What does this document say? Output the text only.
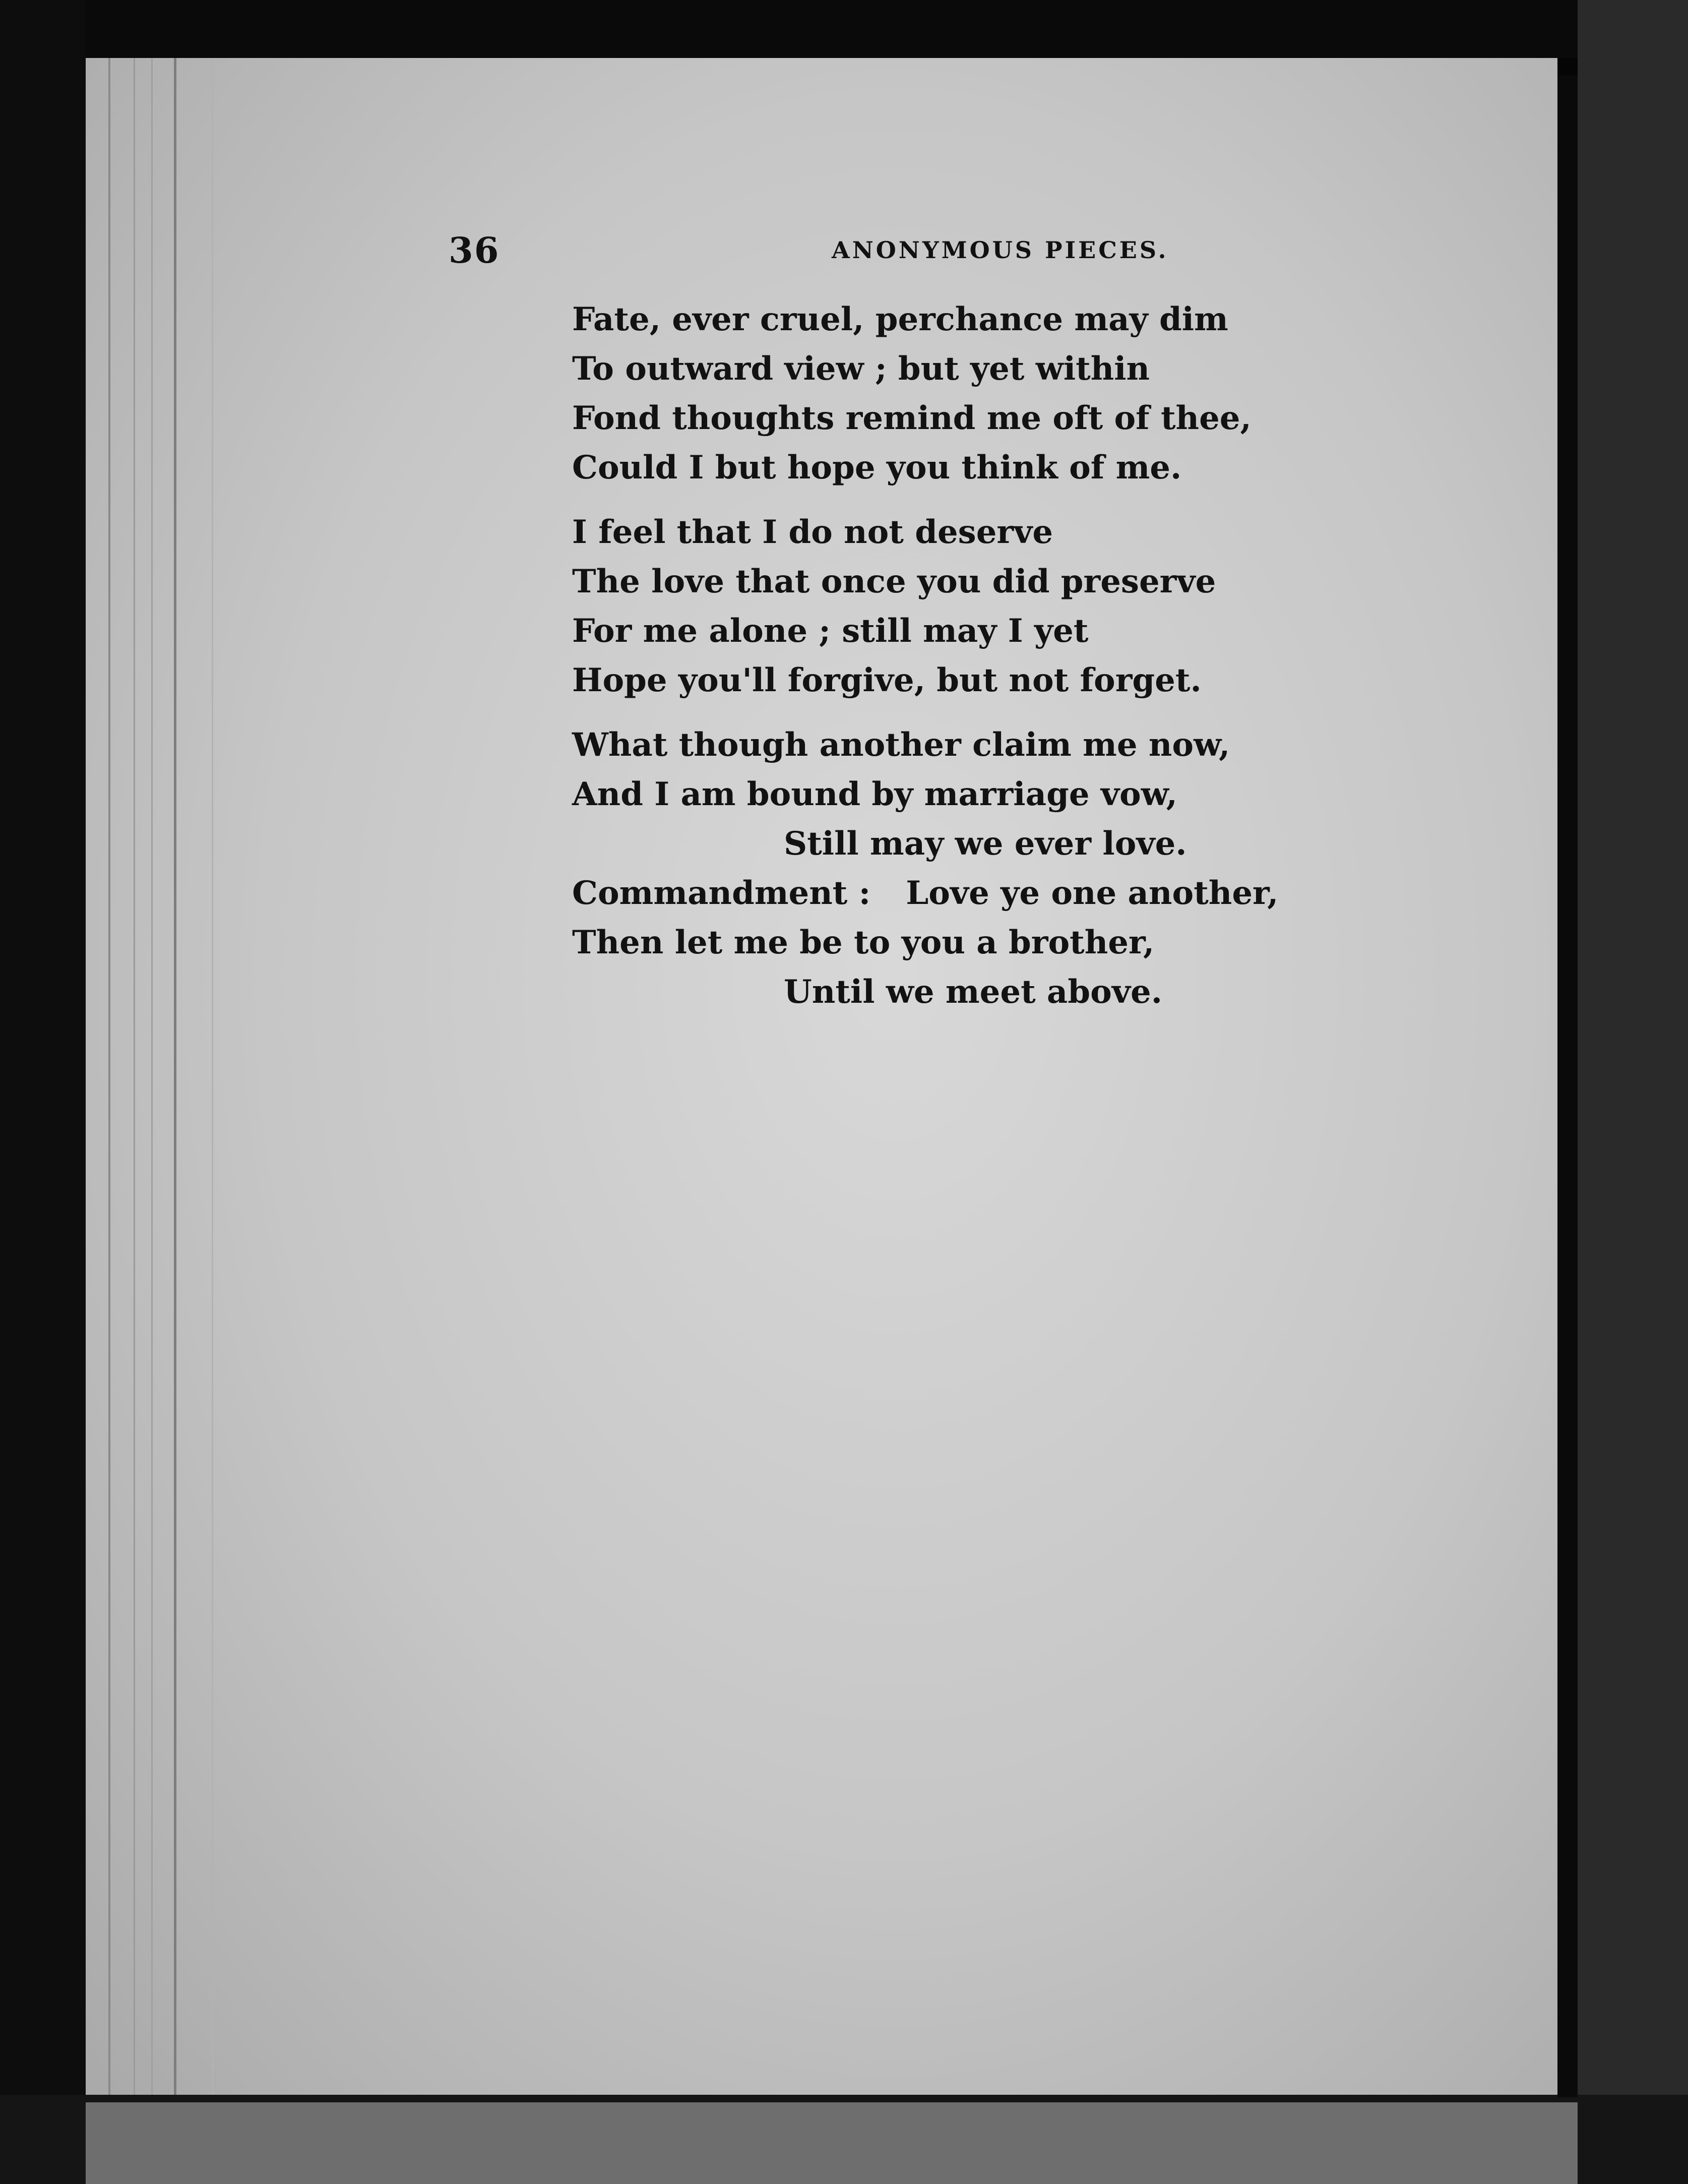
36	ANONYMOUS PIECES.
Fate, ever cruel, perchance may dim
To outward view ; but yet within
Fond thoughts remind me oft of thee,
Could I but hope you think of me.
I feel that I do not deserve
The love that once you did preserve
For me alone ; still may I yet
Hope you'll forgive, but not forget.
What though another claim me now,
And I am bound by marriage vow,
Still may we ever love.
Commandment : Love ye one another,
Then let me be to you a brother,
Until we meet above.
